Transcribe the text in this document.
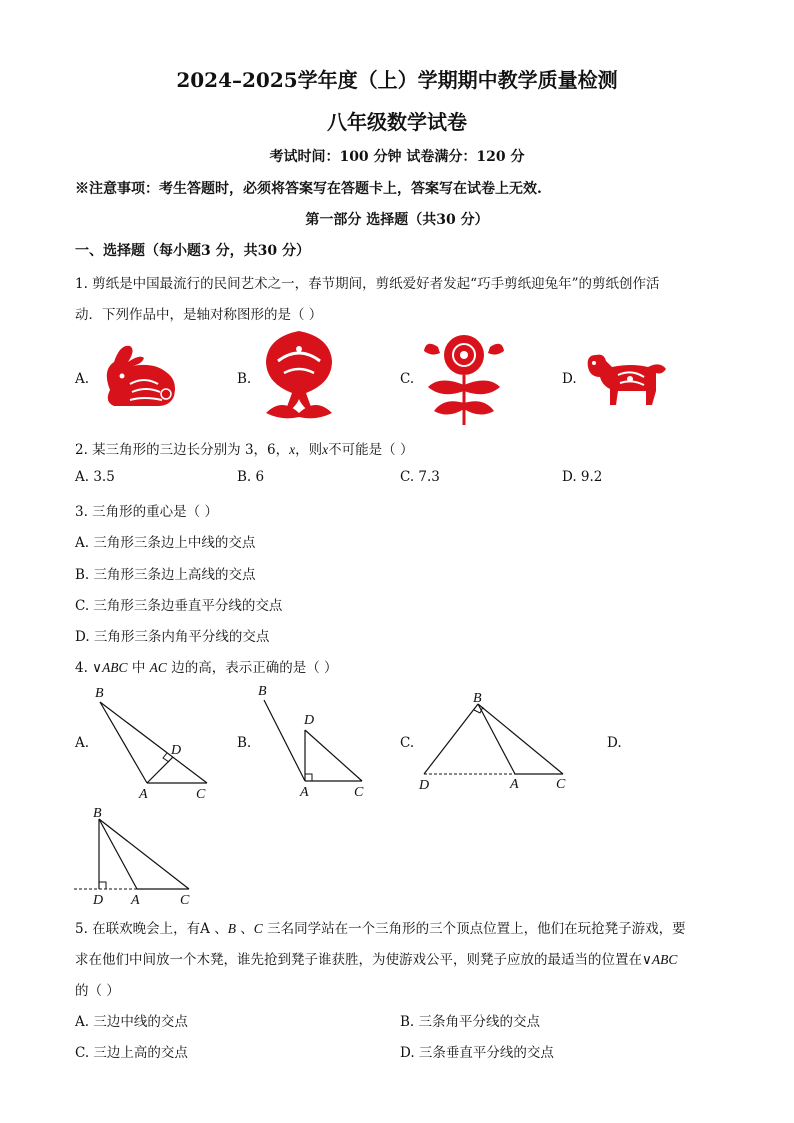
2024–2025学年度（上）学期期中教学质量检测
八年级数学试卷
考试时间：100 分钟 试卷满分：120 分
※注意事项：考生答题时，必须将答案写在答题卡上，答案写在试卷上无效.
第一部分 选择题（共30 分）
一、选择题（每小题3 分，共30 分）
1. 剪纸是中国最流行的民间艺术之一，春节期间，剪纸爱好者发起“巧手剪纸迎兔年”的剪纸创作活
动．下列作品中，是轴对称图形的是（ ）
A.	B.	C.	D.
2. 某三角形的三边长分别为 3，6，x，则x不可能是（ ）
A. 3.5	B. 6	C. 7.3	D. 9.2
3. 三角形的重心是（ ）
A. 三角形三条边上中线的交点
B. 三角形三条边上高线的交点
C. 三角形三条边垂直平分线的交点
D. 三角形三条内角平分线的交点
4. ∨ABC 中 AC 边的高，表示正确的是（ ）
A.
B
D
A	C
B.
B
D
A	C
C.
B
D	A	C
D.
B
D A	C
5. 在联欢晚会上，有A 、B 、C 三名同学站在一个三角形的三个顶点位置上，他们在玩抢凳子游戏，要
求在他们中间放一个木凳，谁先抢到凳子谁获胜，为使游戏公平，则凳子应放的最适当的位置在∨ABC
的（ ）
A. 三边中线的交点	B. 三条角平分线的交点
C. 三边上高的交点	D. 三条垂直平分线的交点
